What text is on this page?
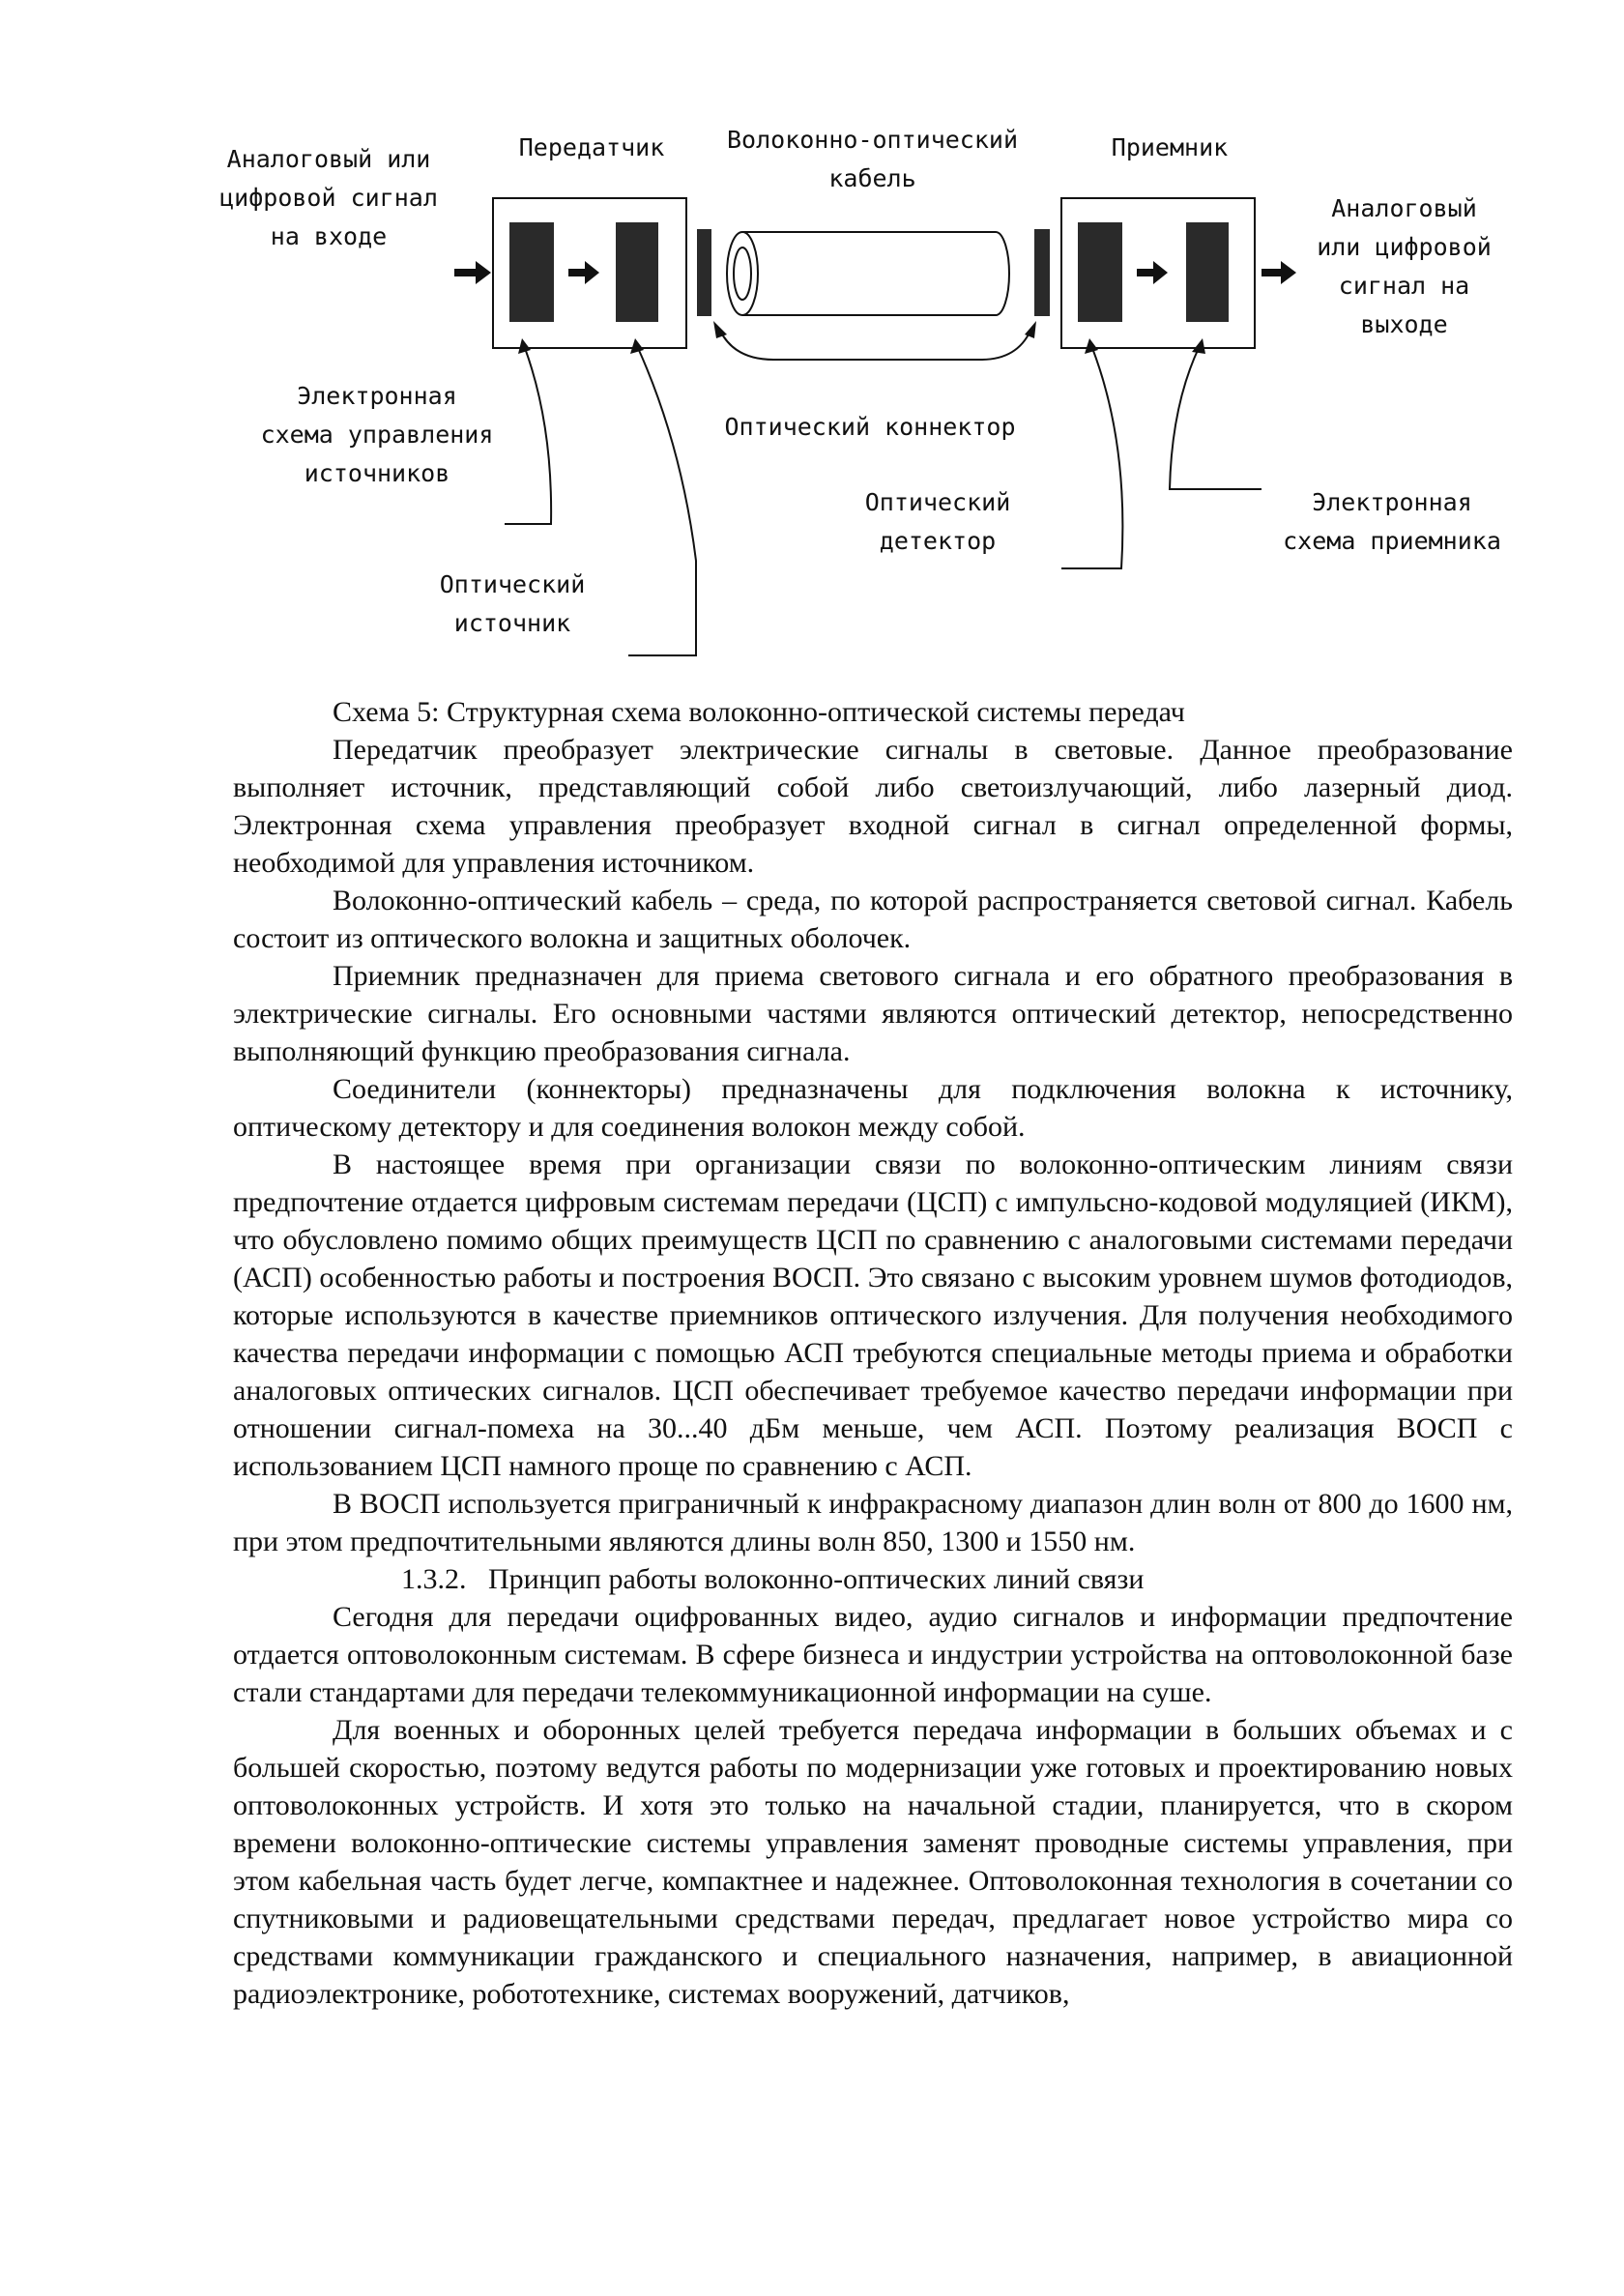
Аналоговый или
цифровой сигнал
на входе
Передатчик	Волоконно-оптический
кабель
Приемник
Аналоговый
или цифровой
сигнал на
выходе
Электронная
схема управления
источников
Оптический коннектор
Оптический
детектор
Электронная
схема приемника
Оптический
источник

Схема 5: Структурная схема волоконно-оптической системы передач

Передатчик преобразует электрические сигналы в световые. Данное преобразование выполняет источник, представляющий собой либо светоизлучающий, либо лазерный диод. Электронная схема управления преобразует входной сигнал в сигнал определенной формы, необходимой для управления источником.

Волоконно-оптический кабель – среда, по которой распространяется световой сигнал. Кабель состоит из оптического волокна и защитных оболочек.

Приемник предназначен для приема светового сигнала и его обратного преобразования в электрические сигналы. Его основными частями являются оптический детектор, непосредственно выполняющий функцию преобразования сигнала.

Соединители (коннекторы) предназначены для подключения волокна к источнику, оптическому детектору и для соединения волокон между собой.

В настоящее время при организации связи по волоконно-оптическим линиям связи предпочтение отдается цифровым системам передачи (ЦСП) с импульсно-кодовой модуляцией (ИКМ), что обусловлено помимо общих преимуществ ЦСП по сравнению с аналоговыми системами передачи (АСП) особенностью работы и построения ВОСП. Это связано с высоким уровнем шумов фотодиодов, которые используются в качестве приемников оптического излучения. Для получения необходимого качества передачи информации с помощью АСП требуются специальные методы приема и обработки аналоговых оптических сигналов. ЦСП обеспечивает требуемое качество передачи информации при отношении сигнал-помеха на 30...40 дБм меньше, чем АСП. Поэтому реализация ВОСП с использованием ЦСП намного проще по сравнению с АСП.

В ВОСП используется приграничный к инфракрасному диапазон длин волн от 800 до 1600 нм, при этом предпочтительными являются длины волн 850, 1300 и 1550 нм.

1.3.2.   Принцип работы волоконно-оптических линий связи

Сегодня для передачи оцифрованных видео, аудио сигналов и информации предпочтение отдается оптоволоконным системам. В сфере бизнеса и индустрии устройства на оптоволоконной базе стали стандартами для передачи телекоммуникационной информации на суше.

Для военных и оборонных целей требуется передача информации в больших объемах и с большей скоростью, поэтому ведутся работы по модернизации уже готовых и проектированию новых оптоволоконных устройств. И хотя это только на начальной стадии, планируется, что в скором времени волоконно-оптические системы управления заменят проводные системы управления, при этом кабельная часть будет легче, компактнее и надежнее. Оптоволоконная технология в сочетании со спутниковыми и радиовещательными средствами передач, предлагает новое устройство мира со средствами коммуникации гражданского и специального назначения, например, в авиационной радиоэлектронике, робототехнике, системах вооружений, датчиков,
